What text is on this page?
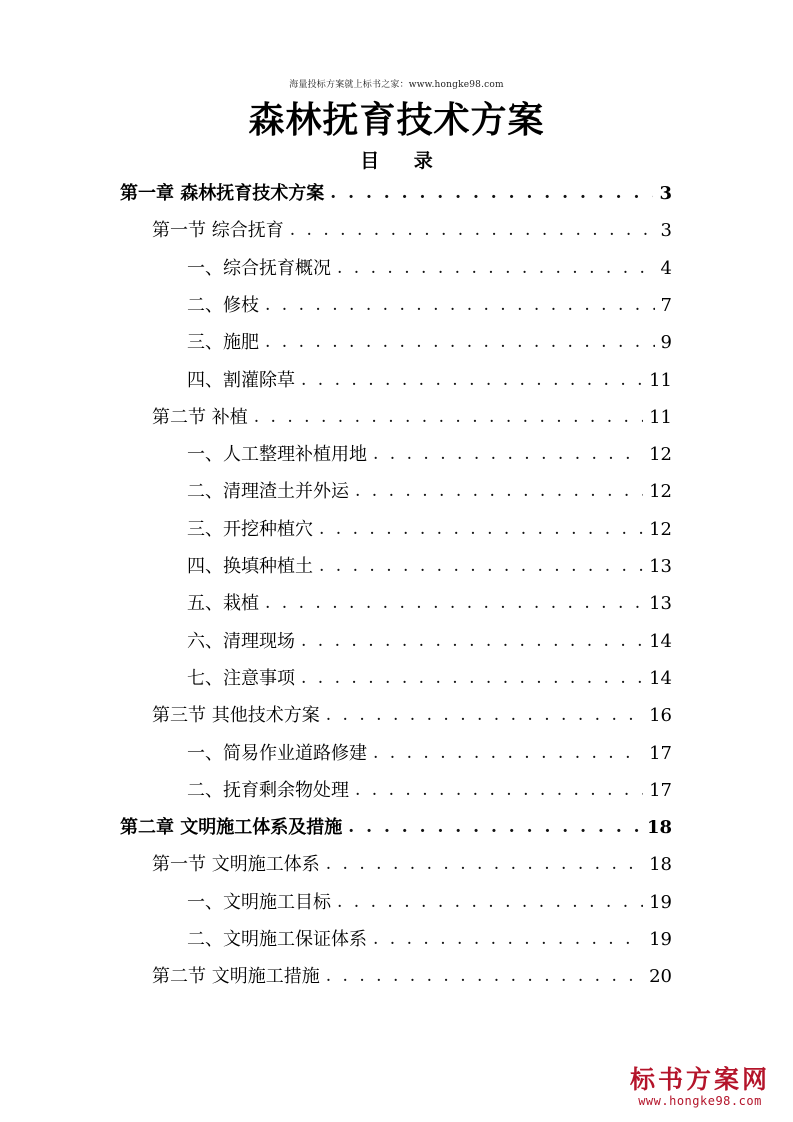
海量投标方案就上标书之家：www.hongke98.com
森林抚育技术方案
目 录
第一章 森林抚育技术方案 . . .	3
第一节 综合抚育 . . .	3
一、综合抚育概况 . . .	4
二、修枝 . . .	7
三、施肥 . . .	9
四、割灌除草 . . .	11
第二节 补植 . . .	11
一、人工整理补植用地 . . .	12
二、清理渣土并外运 . . .	12
三、开挖种植穴 . . .	12
四、换填种植土 . . .	13
五、栽植 . . .	13
六、清理现场 . . .	14
七、注意事项 . . .	14
第三节 其他技术方案 . . .	16
一、简易作业道路修建 . . .	17
二、抚育剩余物处理 . . .	17
第二章 文明施工体系及措施 . . .	18
第一节 文明施工体系 . . .	18
一、文明施工目标 . . .	19
二、文明施工保证体系 . . .	19
第二节 文明施工措施 . . .	20
标书方案网
www.hongke98.com
